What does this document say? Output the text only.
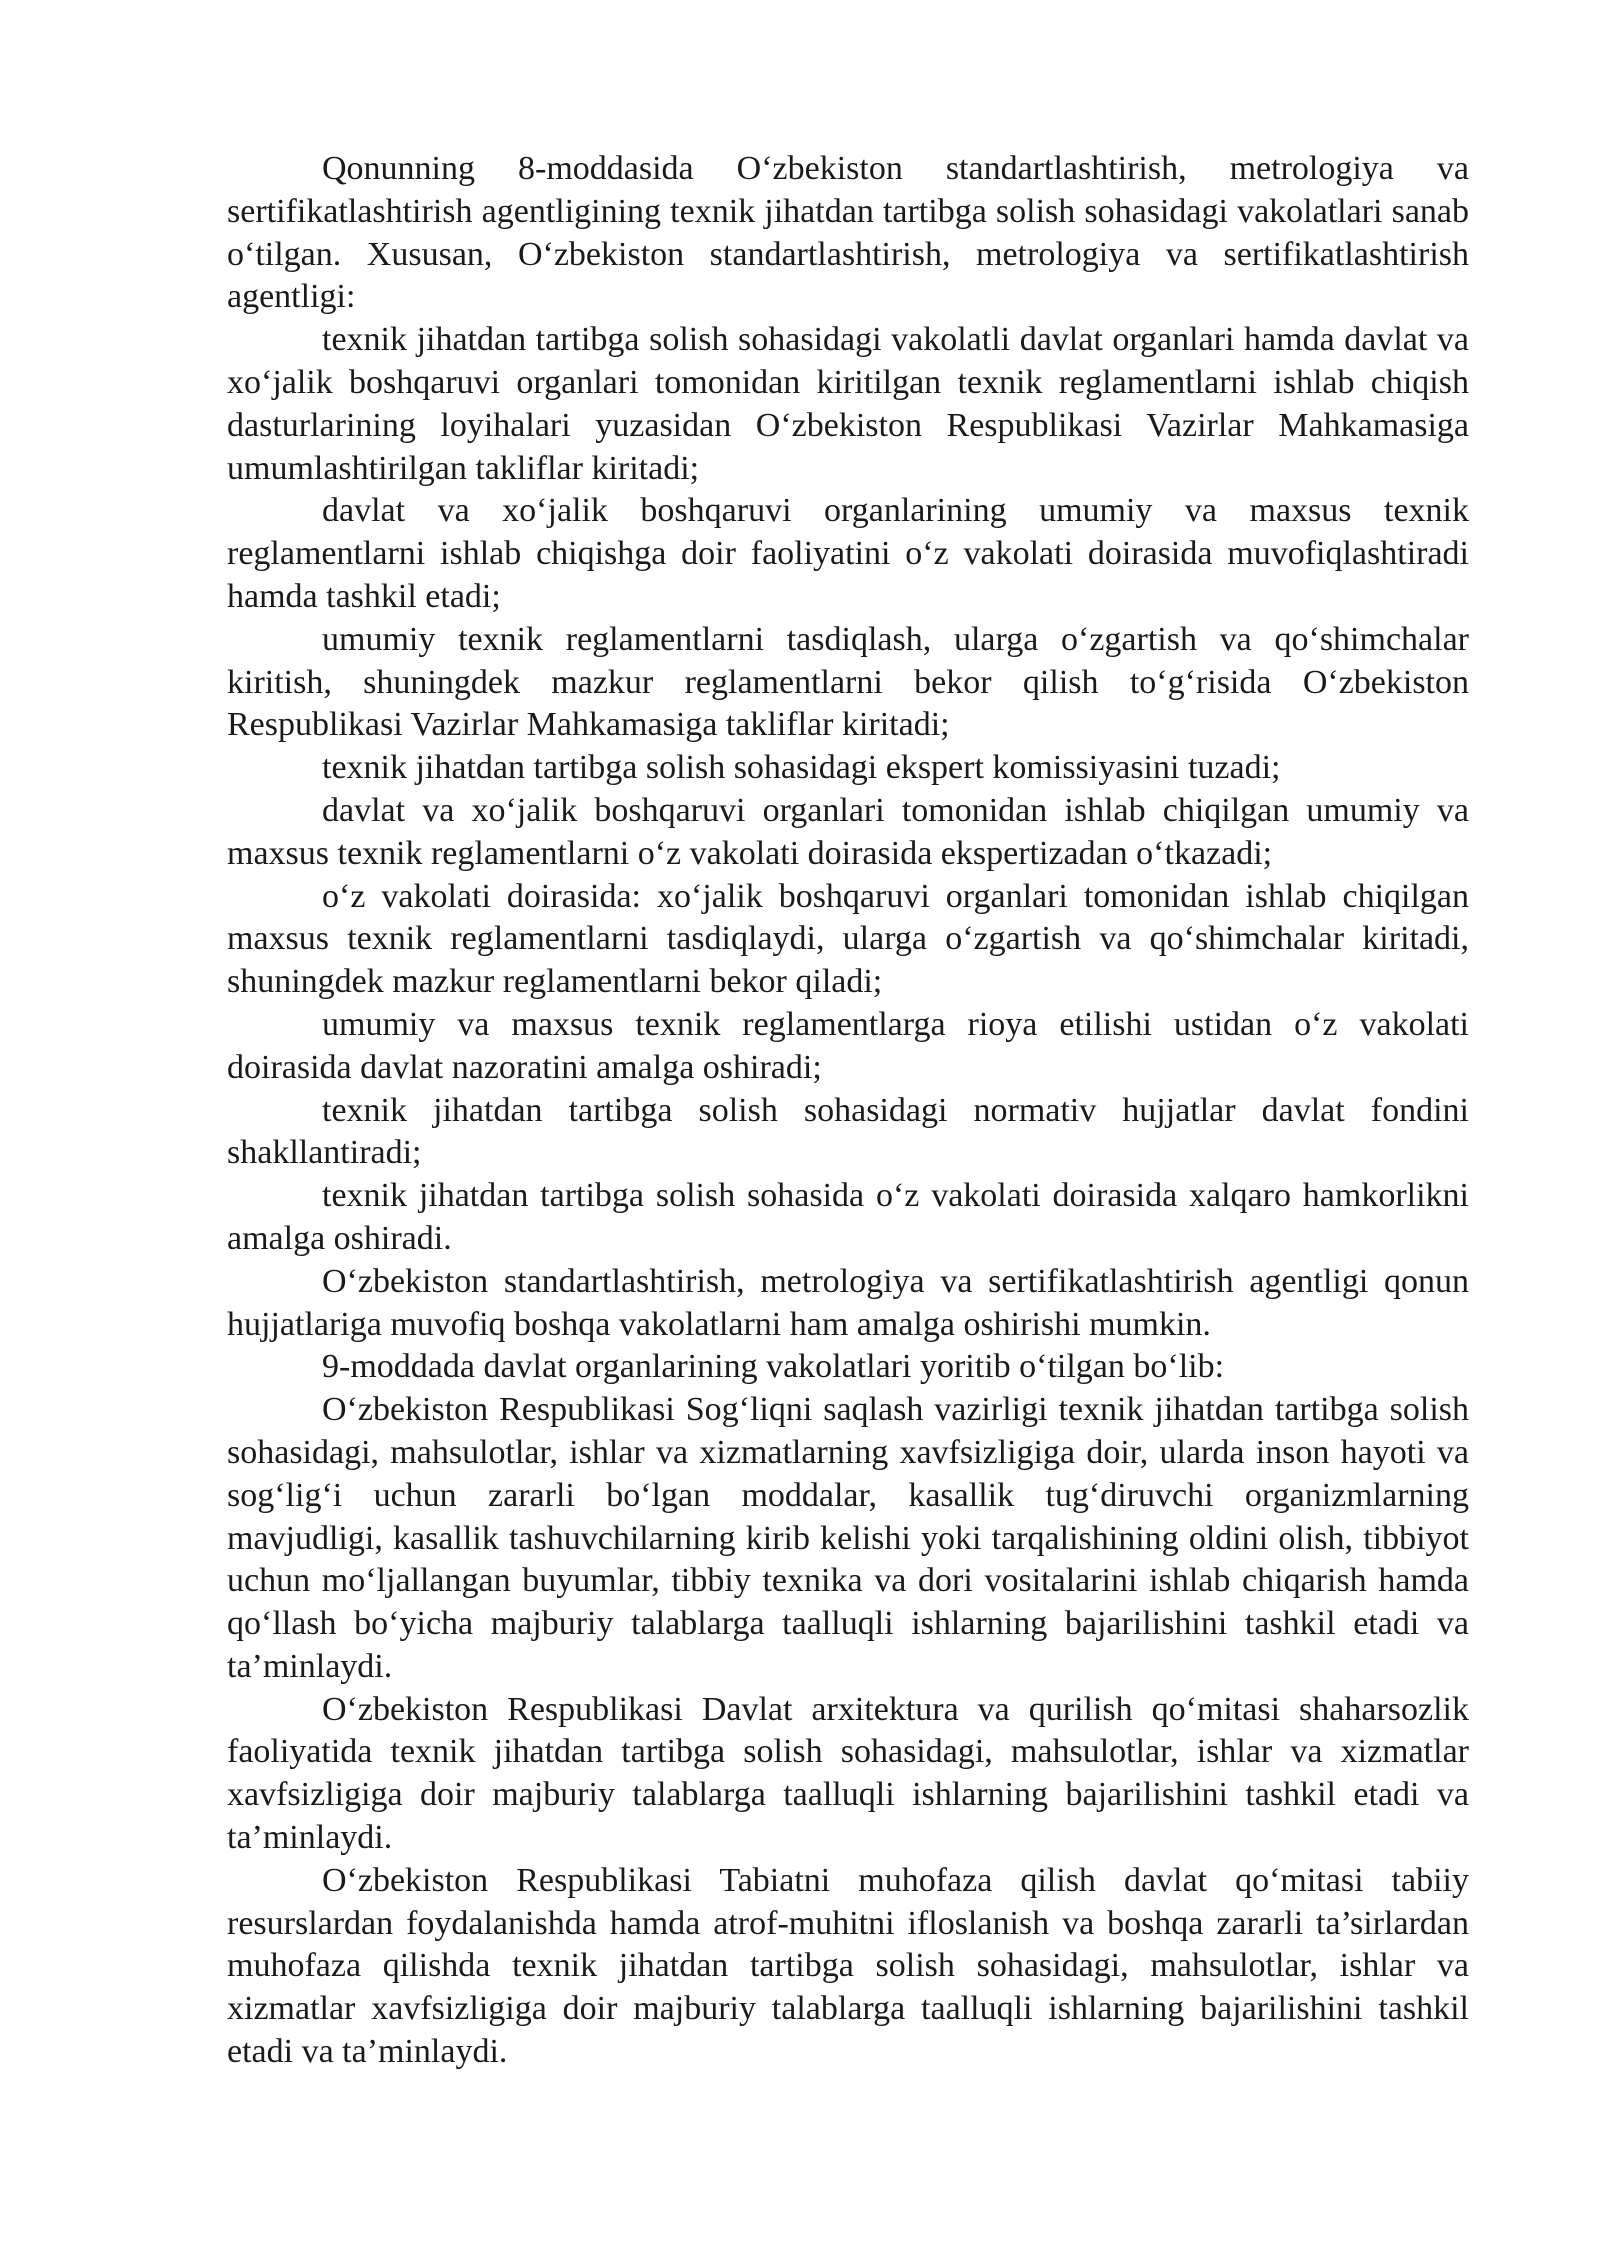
Qonunning 8-moddasida O‘zbekiston standartlashtirish, metrologiya va sertifikatlashtirish agentligining texnik jihatdan tartibga solish sohasidagi vakolatlari sanab o‘tilgan. Xususan, O‘zbekiston standartlashtirish, metrologiya va sertifikatlashtirish agentligi:

texnik jihatdan tartibga solish sohasidagi vakolatli davlat organlari hamda davlat va xo‘jalik boshqaruvi organlari tomonidan kiritilgan texnik reglamentlarni ishlab chiqish dasturlarining loyihalari yuzasidan O‘zbekiston Respublikasi Vazirlar Mahkamasiga umumlashtirilgan takliflar kiritadi;

davlat va xo‘jalik boshqaruvi organlarining umumiy va maxsus texnik reglamentlarni ishlab chiqishga doir faoliyatini o‘z vakolati doirasida muvofiqlashtiradi hamda tashkil etadi;

umumiy texnik reglamentlarni tasdiqlash, ularga o‘zgartish va qo‘shimchalar kiritish, shuningdek mazkur reglamentlarni bekor qilish to‘g‘risida O‘zbekiston Respublikasi Vazirlar Mahkamasiga takliflar kiritadi;

texnik jihatdan tartibga solish sohasidagi ekspert komissiyasini tuzadi;

davlat va xo‘jalik boshqaruvi organlari tomonidan ishlab chiqilgan umumiy va maxsus texnik reglamentlarni o‘z vakolati doirasida ekspertizadan o‘tkazadi;

o‘z vakolati doirasida: xo‘jalik boshqaruvi organlari tomonidan ishlab chiqilgan maxsus texnik reglamentlarni tasdiqlaydi, ularga o‘zgartish va qo‘shimchalar kiritadi, shuningdek mazkur reglamentlarni bekor qiladi;

umumiy va maxsus texnik reglamentlarga rioya etilishi ustidan o‘z vakolati doirasida davlat nazoratini amalga oshiradi;

texnik jihatdan tartibga solish sohasidagi normativ hujjatlar davlat fondini shakllantiradi;

texnik jihatdan tartibga solish sohasida o‘z vakolati doirasida xalqaro hamkorlikni amalga oshiradi.

O‘zbekiston standartlashtirish, metrologiya va sertifikatlashtirish agentligi qonun hujjatlariga muvofiq boshqa vakolatlarni ham amalga oshirishi mumkin.

9-moddada davlat organlarining vakolatlari yoritib o‘tilgan bo‘lib:

O‘zbekiston Respublikasi Sog‘liqni saqlash vazirligi texnik jihatdan tartibga solish sohasidagi, mahsulotlar, ishlar va xizmatlarning xavfsizligiga doir, ularda inson hayoti va sog‘lig‘i uchun zararli bo‘lgan moddalar, kasallik tug‘diruvchi organizmlarning mavjudligi, kasallik tashuvchilarning kirib kelishi yoki tarqalishining oldini olish, tibbiyot uchun mo‘ljallangan buyumlar, tibbiy texnika va dori vositalarini ishlab chiqarish hamda qo‘llash bo‘yicha majburiy talablarga taalluqli ishlarning bajarilishini tashkil etadi va ta’minlaydi.

O‘zbekiston Respublikasi Davlat arxitektura va qurilish qo‘mitasi shaharsozlik faoliyatida texnik jihatdan tartibga solish sohasidagi, mahsulotlar, ishlar va xizmatlar xavfsizligiga doir majburiy talablarga taalluqli ishlarning bajarilishini tashkil etadi va ta’minlaydi.

O‘zbekiston Respublikasi Tabiatni muhofaza qilish davlat qo‘mitasi tabiiy resurslardan foydalanishda hamda atrof-muhitni ifloslanish va boshqa zararli ta’sirlardan muhofaza qilishda texnik jihatdan tartibga solish sohasidagi, mahsulotlar, ishlar va xizmatlar xavfsizligiga doir majburiy talablarga taalluqli ishlarning bajarilishini tashkil etadi va ta’minlaydi.
